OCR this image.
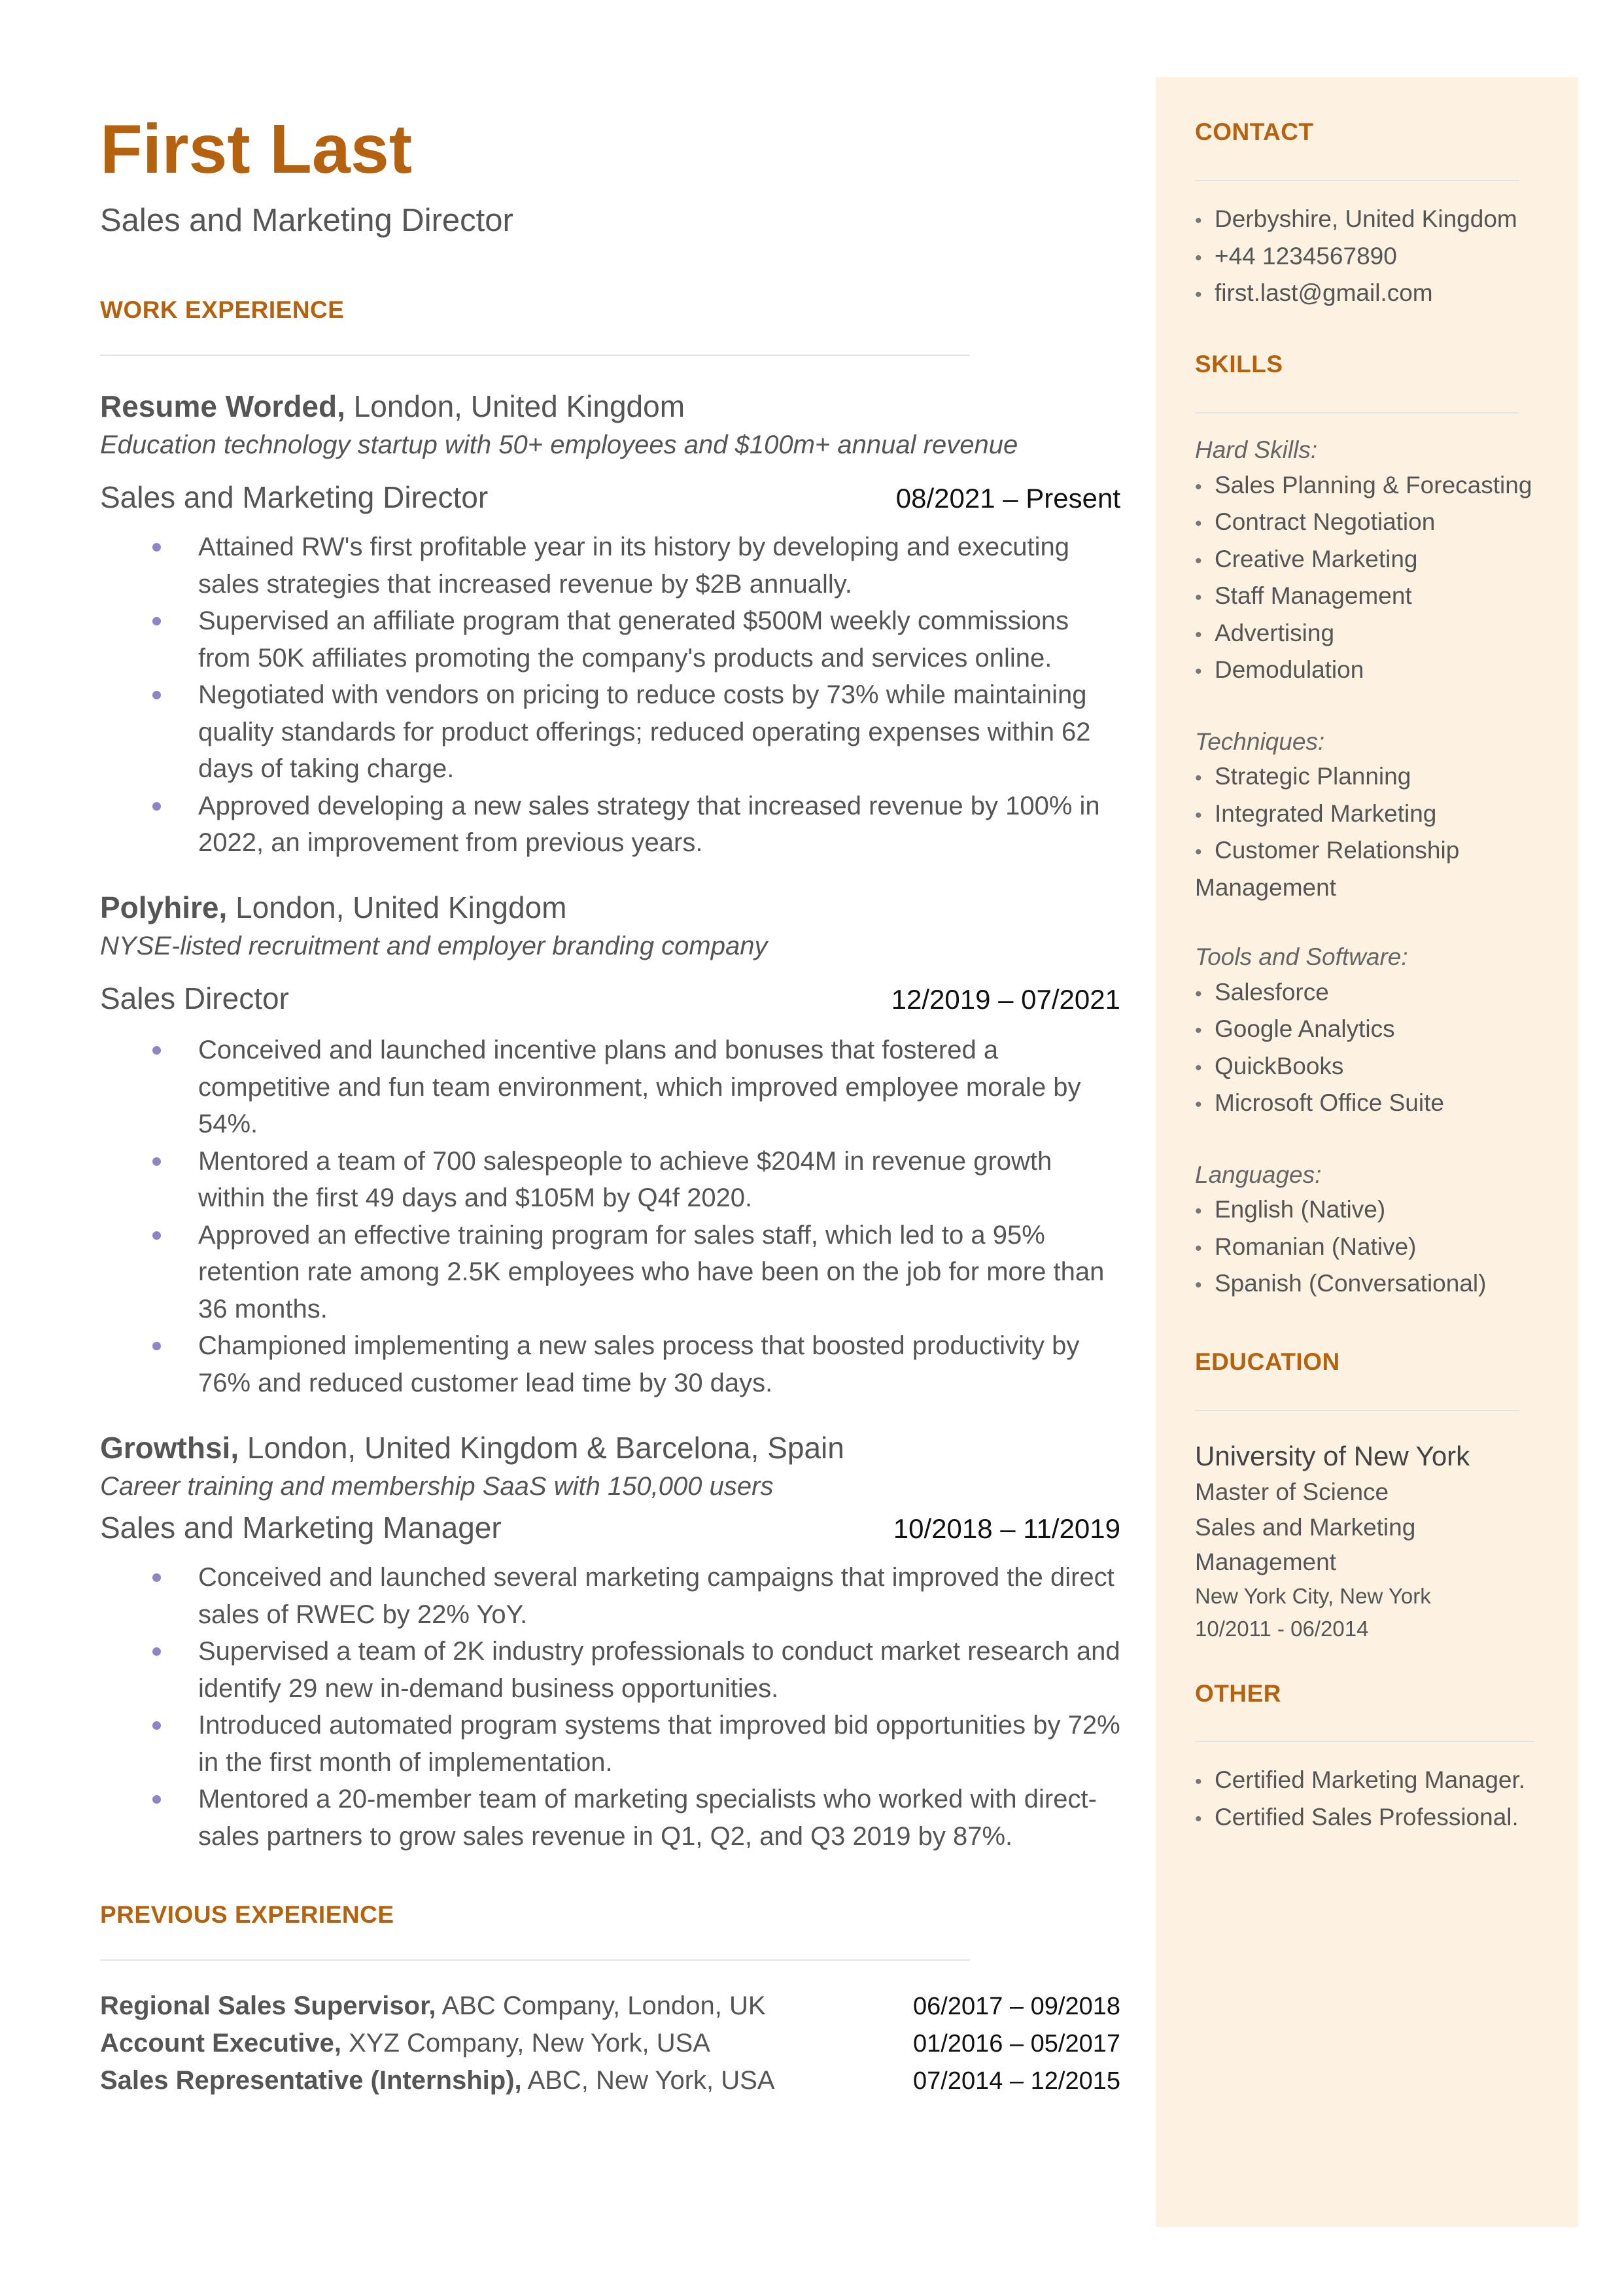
First Last
Sales and Marketing Director
WORK EXPERIENCE
Resume Worded, London, United Kingdom
Education technology startup with 50+ employees and $100m+ annual revenue
Sales and Marketing Director	08/2021 – Present
Attained RW's first profitable year in its history by developing and executing sales strategies that increased revenue by $2B annually.
Supervised an affiliate program that generated $500M weekly commissions from 50K affiliates promoting the company's products and services online.
Negotiated with vendors on pricing to reduce costs by 73% while maintaining quality standards for product offerings; reduced operating expenses within 62 days of taking charge.
Approved developing a new sales strategy that increased revenue by 100% in 2022, an improvement from previous years.
Polyhire, London, United Kingdom
NYSE-listed recruitment and employer branding company
Sales Director	12/2019 – 07/2021
Conceived and launched incentive plans and bonuses that fostered a competitive and fun team environment, which improved employee morale by 54%.
Mentored a team of 700 salespeople to achieve $204M in revenue growth within the first 49 days and $105M by Q4f 2020.
Approved an effective training program for sales staff, which led to a 95% retention rate among 2.5K employees who have been on the job for more than 36 months.
Championed implementing a new sales process that boosted productivity by 76% and reduced customer lead time by 30 days.
Growthsi, London, United Kingdom & Barcelona, Spain
Career training and membership SaaS with 150,000 users
Sales and Marketing Manager	10/2018 – 11/2019
Conceived and launched several marketing campaigns that improved the direct sales of RWEC by 22% YoY.
Supervised a team of 2K industry professionals to conduct market research and identify 29 new in-demand business opportunities.
Introduced automated program systems that improved bid opportunities by 72% in the first month of implementation.
Mentored a 20-member team of marketing specialists who worked with direct-sales partners to grow sales revenue in Q1, Q2, and Q3 2019 by 87%.
PREVIOUS EXPERIENCE
Regional Sales Supervisor, ABC Company, London, UK	06/2017 – 09/2018
Account Executive, XYZ Company, New York, USA	01/2016 – 05/2017
Sales Representative (Internship), ABC, New York, USA	07/2014 – 12/2015
CONTACT
• Derbyshire, United Kingdom
• +44 1234567890
• first.last@gmail.com
SKILLS
Hard Skills:
• Sales Planning & Forecasting
• Contract Negotiation
• Creative Marketing
• Staff Management
• Advertising
• Demodulation
Techniques:
• Strategic Planning
• Integrated Marketing
• Customer Relationship
Management
Tools and Software:
• Salesforce
• Google Analytics
• QuickBooks
• Microsoft Office Suite
Languages:
• English (Native)
• Romanian (Native)
• Spanish (Conversational)
EDUCATION
University of New York
Master of Science
Sales and Marketing
Management
New York City, New York
10/2011 - 06/2014
OTHER
• Certified Marketing Manager.
• Certified Sales Professional.
